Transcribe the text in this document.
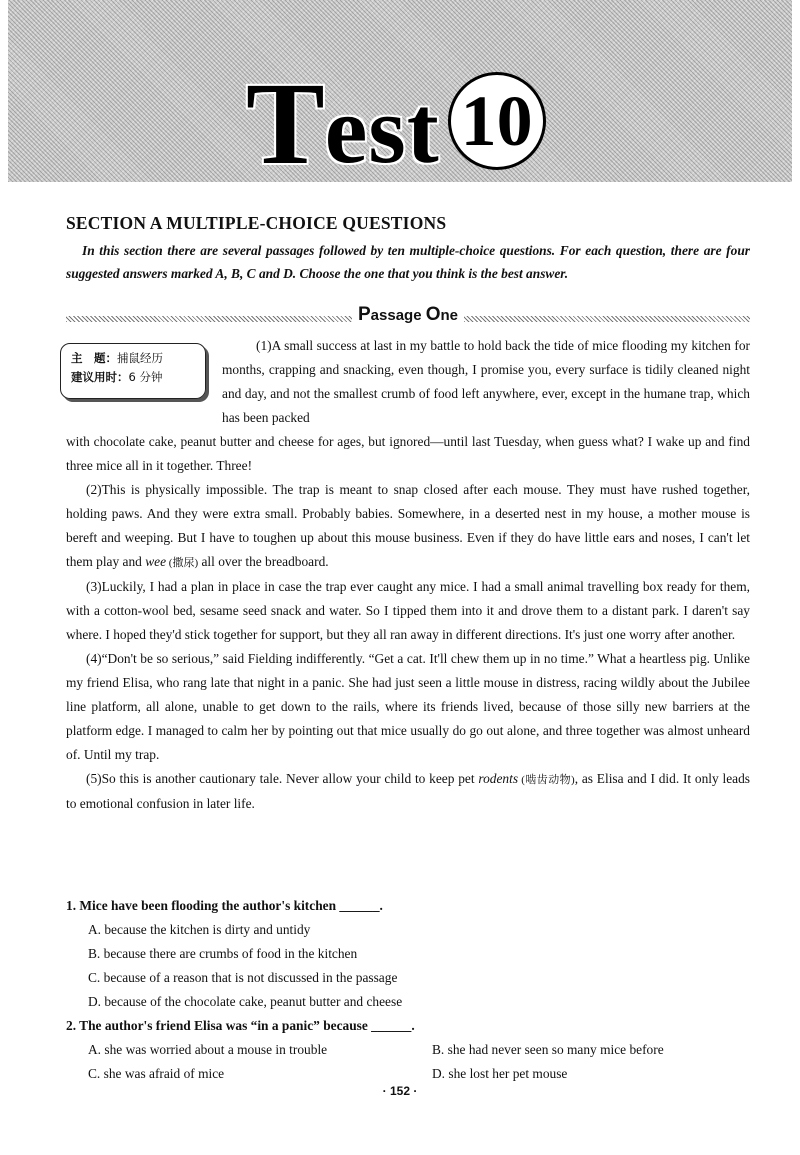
T est 10
SECTION A MULTIPLE-CHOICE QUESTIONS
In this section there are several passages followed by ten multiple-choice questions. For each question, there are four suggested answers marked A, B, C and D. Choose the one that you think is the best answer.
Passage One
主　题：捕鼠经历
建议用时：6 分钟
(1)A small success at last in my battle to hold back the tide of mice flooding my kitchen for months, crapping and snacking, even though, I promise you, every surface is tidily cleaned night and day, and not the smallest crumb of food left anywhere, ever, except in the humane trap, which has been packed

with chocolate cake, peanut butter and cheese for ages, but ignored—until last Tuesday, when guess what? I wake up and find three mice all in it together. Three!

(2)This is physically impossible. The trap is meant to snap closed after each mouse. They must have rushed together, holding paws. And they were extra small. Probably babies. Somewhere, in a deserted nest in my house, a mother mouse is bereft and weeping. But I have to toughen up about this mouse business. Even if they do have little ears and noses, I can't let them play and wee (撒尿) all over the breadboard.

(3)Luckily, I had a plan in place in case the trap ever caught any mice. I had a small animal travelling box ready for them, with a cotton-wool bed, sesame seed snack and water. So I tipped them into it and drove them to a distant park. I daren't say where. I hoped they'd stick together for support, but they all ran away in different directions. It's just one worry after another.

(4)“Don't be so serious,” said Fielding indifferently. “Get a cat. It'll chew them up in no time.” What a heartless pig. Unlike my friend Elisa, who rang late that night in a panic. She had just seen a little mouse in distress, racing wildly about the Jubilee line platform, all alone, unable to get down to the rails, where its friends lived, because of those silly new barriers at the platform edge. I managed to calm her by pointing out that mice usually do go out alone, and three together was almost unheard of. Until my trap.

(5)So this is another cautionary tale. Never allow your child to keep pet rodents (啮齿动物), as Elisa and I did. It only leads to emotional confusion in later life.

1. Mice have been flooding the author's kitchen ______.
A. because the kitchen is dirty and untidy
B. because there are crumbs of food in the kitchen
C. because of a reason that is not discussed in the passage
D. because of the chocolate cake, peanut butter and cheese
2. The author's friend Elisa was “in a panic” because ______.
A. she was worried about a mouse in trouble	B. she had never seen so many mice before
C. she was afraid of mice	D. she lost her pet mouse
· 152 ·
